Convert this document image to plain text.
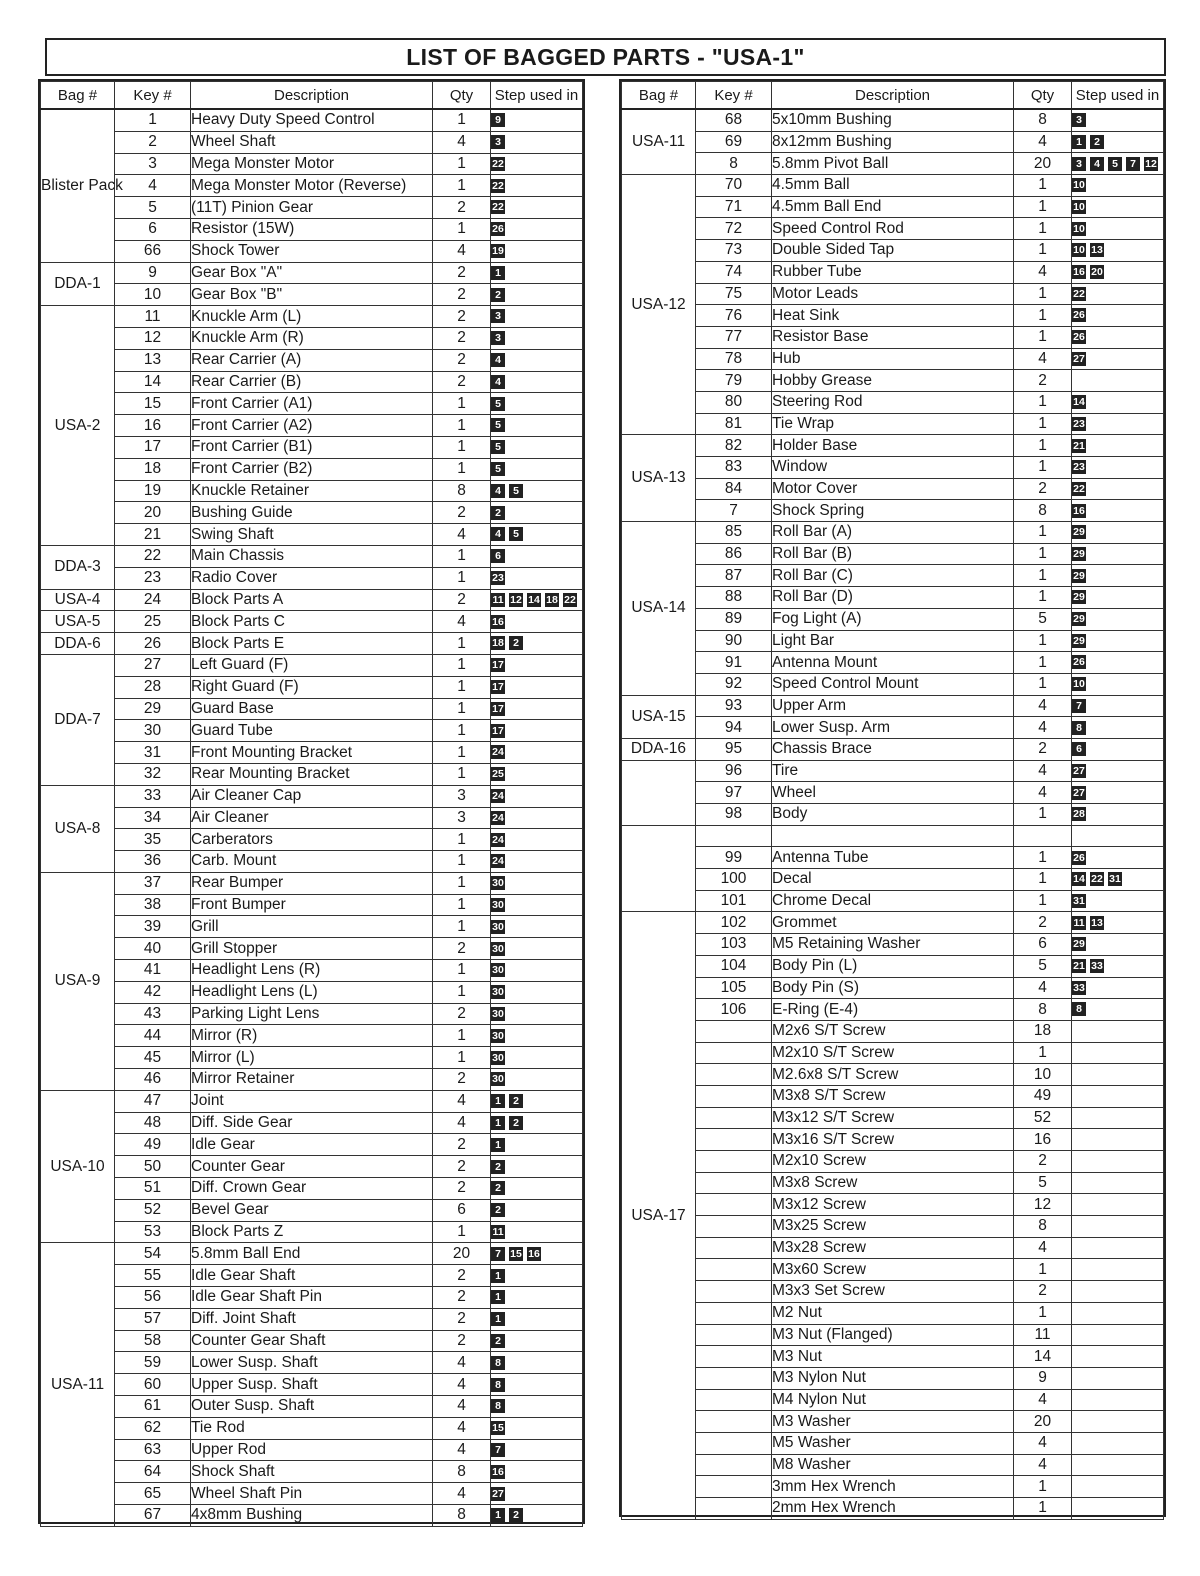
LIST OF BAGGED PARTS - "USA-1"
Bag #	Key #	Description	Qty	Step used in
Blister Pack	1	Heavy Duty Speed Control	1	9
	2	Wheel Shaft	4	3
	3	Mega Monster Motor	1	22
	4	Mega Monster Motor (Reverse)	1	22
	5	(11T) Pinion Gear	2	22
	6	Resistor (15W)	1	26
	66	Shock Tower	4	19
DDA-1	9	Gear Box "A"	2	1
	10	Gear Box "B"	2	2
USA-2	11	Knuckle Arm (L)	2	3
	12	Knuckle Arm (R)	2	3
	13	Rear Carrier (A)	2	4
	14	Rear Carrier (B)	2	4
	15	Front Carrier (A1)	1	5
	16	Front Carrier (A2)	1	5
	17	Front Carrier (B1)	1	5
	18	Front Carrier (B2)	1	5
	19	Knuckle Retainer	8	4 5
	20	Bushing Guide	2	2
	21	Swing Shaft	4	4 5
DDA-3	22	Main Chassis	1	6
	23	Radio Cover	1	23
USA-4	24	Block Parts A	2	11 12 14 18 22
USA-5	25	Block Parts C	4	16
DDA-6	26	Block Parts E	1	18 2
DDA-7	27	Left Guard (F)	1	17
	28	Right Guard (F)	1	17
	29	Guard Base	1	17
	30	Guard Tube	1	17
	31	Front Mounting Bracket	1	24
	32	Rear Mounting Bracket	1	25
USA-8	33	Air Cleaner Cap	3	24
	34	Air Cleaner	3	24
	35	Carberators	1	24
	36	Carb. Mount	1	24
USA-9	37	Rear Bumper	1	30
	38	Front Bumper	1	30
	39	Grill	1	30
	40	Grill Stopper	2	30
	41	Headlight Lens (R)	1	30
	42	Headlight Lens (L)	1	30
	43	Parking Light Lens	2	30
	44	Mirror (R)	1	30
	45	Mirror (L)	1	30
	46	Mirror Retainer	2	30
USA-10	47	Joint	4	1 2
	48	Diff. Side Gear	4	1 2
	49	Idle Gear	2	1
	50	Counter Gear	2	2
	51	Diff. Crown Gear	2	2
	52	Bevel Gear	6	2
	53	Block Parts Z	1	11
USA-11	54	5.8mm Ball End	20	7 15 16
	55	Idle Gear Shaft	2	1
	56	Idle Gear Shaft Pin	2	1
	57	Diff. Joint Shaft	2	1
	58	Counter Gear Shaft	2	2
	59	Lower Susp. Shaft	4	8
	60	Upper Susp. Shaft	4	8
	61	Outer Susp. Shaft	4	8
	62	Tie Rod	4	15
	63	Upper Rod	4	7
	64	Shock Shaft	8	16
	65	Wheel Shaft Pin	4	27
	67	4x8mm Bushing	8	1 2
Bag #	Key #	Description	Qty	Step used in
USA-11	68	5x10mm Bushing	8	3
	69	8x12mm Bushing	4	1 2
	8	5.8mm Pivot Ball	20	3 4 5 7 12
USA-12	70	4.5mm Ball	1	10
	71	4.5mm Ball End	1	10
	72	Speed Control Rod	1	10
	73	Double Sided Tap	1	10 13
	74	Rubber Tube	4	16 20
	75	Motor Leads	1	22
	76	Heat Sink	1	26
	77	Resistor Base	1	26
	78	Hub	4	27
	79	Hobby Grease	2	
	80	Steering Rod	1	14
	81	Tie Wrap	1	23
USA-13	82	Holder Base	1	21
	83	Window	1	23
	84	Motor Cover	2	22
	7	Shock Spring	8	16
USA-14	85	Roll Bar (A)	1	29
	86	Roll Bar (B)	1	29
	87	Roll Bar (C)	1	29
	88	Roll Bar (D)	1	29
	89	Fog Light (A)	5	29
	90	Light Bar	1	29
	91	Antenna Mount	1	26
	92	Speed Control Mount	1	10
USA-15	93	Upper Arm	4	7
	94	Lower Susp. Arm	4	8
DDA-16	95	Chassis Brace	2	6
	96	Tire	4	27
	97	Wheel	4	27
	98	Body	1	28

	99	Antenna Tube	1	26
	100	Decal	1	14 22 31
	101	Chrome Decal	1	31
USA-17	102	Grommet	2	11 13
	103	M5 Retaining Washer	6	29
	104	Body Pin (L)	5	21 33
	105	Body Pin (S)	4	33
	106	E-Ring (E-4)	8	8
		M2x6 S/T Screw	18	
		M2x10 S/T Screw	1	
		M2.6x8 S/T Screw	10	
		M3x8 S/T Screw	49	
		M3x12 S/T Screw	52	
		M3x16 S/T Screw	16	
		M2x10 Screw	2	
		M3x8 Screw	5	
		M3x12 Screw	12	
		M3x25 Screw	8	
		M3x28 Screw	4	
		M3x60 Screw	1	
		M3x3 Set Screw	2	
		M2 Nut	1	
		M3 Nut (Flanged)	11	
		M3 Nut	14	
		M3 Nylon Nut	9	
		M4 Nylon Nut	4	
		M3 Washer	20	
		M5 Washer	4	
		M8 Washer	4	
		3mm Hex Wrench	1	
		2mm Hex Wrench	1	
